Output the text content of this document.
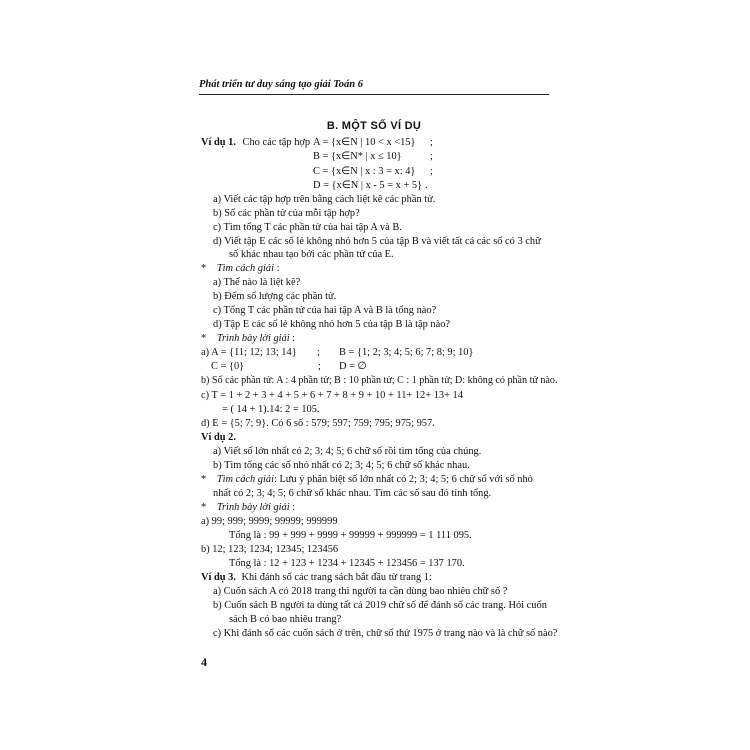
Phát triển tư duy sáng tạo giải Toán 6
B. MỘT SỐ VÍ DỤ
Ví dụ 1. Cho các tập hợp A = {x∈N | 10 < x <15} ;
B = {x∈N* | x ≤ 10}	;
C = {x∈N | x : 3 = x: 4} ;
D = {x∈N | x - 5 = x + 5} .
a) Viết các tập hợp trên bằng cách liệt kê các phần tử.
b) Số các phần tử của mỗi tập hợp?
c) Tìm tổng T các phần tử của hai tập A và B.
d) Viết tập E các số lẻ không nhỏ hơn 5 của tập B và viết tất cả các số có 3 chữ
số khác nhau tạo bởi các phần tử của E.
* Tìm cách giải :
a) Thế nào là liệt kê?
b) Đếm số lượng các phần tử.
c) Tổng T các phần tử của hai tập A và B là tổng nào?
d) Tập E các số lẻ không nhỏ hơn 5 của tập B là tập nào?
* Trình bày lời giải :
a) A = {11; 12; 13; 14} ; B = {1; 2; 3; 4; 5; 6; 7; 8; 9; 10}
C = {0}	; D = ∅
b) Số các phần tử: A : 4 phần tử; B : 10 phần tử; C : 1 phần tử; D: không có phần tử nào.
c) T = 1 + 2 + 3 + 4 + 5 + 6 + 7 + 8 + 9 + 10 + 11+ 12+ 13+ 14
= ( 14 + 1).14: 2 = 105.
d) E = {5; 7; 9}. Có 6 số : 579; 597; 759; 795; 975; 957.
Ví dụ 2.
a) Viết số lớn nhất có 2; 3; 4; 5; 6 chữ số rồi tìm tổng của chúng.
b) Tìm tổng các số nhỏ nhất có 2; 3; 4; 5; 6 chữ số khác nhau.
* Tìm cách giải: Lưu ý phân biệt số lớn nhất có 2; 3; 4; 5; 6 chữ số với số nhỏ
nhất có 2; 3; 4; 5; 6 chữ số khác nhau. Tìm các số sau đó tính tổng.
* Trình bày lời giải :
a) 99; 999; 9999; 99999; 999999
Tổng là : 99 + 999 + 9999 + 99999 + 999999 = 1 111 095.
b) 12; 123; 1234; 12345; 123456
Tổng là : 12 + 123 + 1234 + 12345 + 123456 = 137 170.
Ví dụ 3. Khi đánh số các trang sách bắt đầu từ trang 1:
a) Cuốn sách A có 2018 trang thì người ta cần dùng bao nhiêu chữ số ?
b) Cuốn sách B người ta dùng tất cả 2019 chữ số để đánh số các trang. Hỏi cuốn
sách B có bao nhiêu trang?
c) Khi đánh số các cuốn sách ở trên, chữ số thứ 1975 ở trang nào và là chữ số nào?
4
